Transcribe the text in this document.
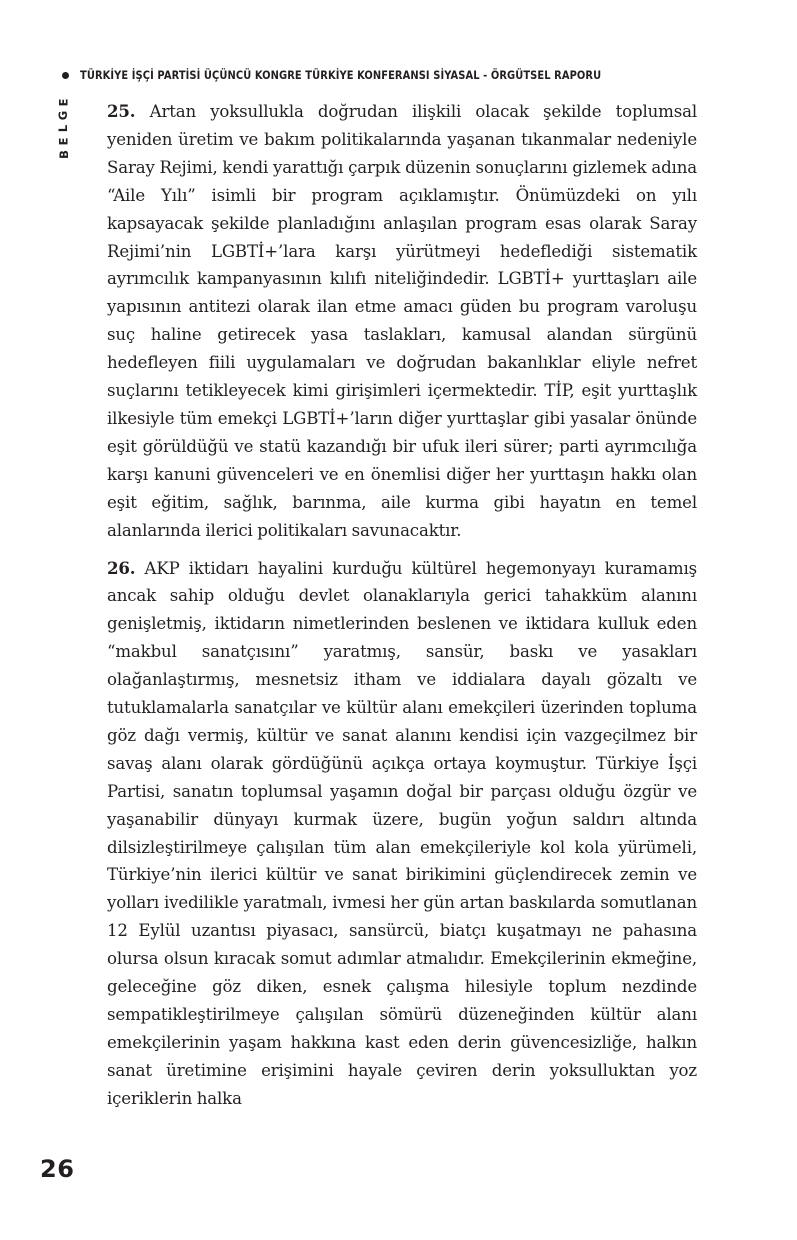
TÜRKİYE İŞÇİ PARTİSİ ÜÇÜNCÜ KONGRE TÜRKİYE KONFERANSI SİYASAL - ÖRGÜTSEL RAPORU
E
G
L
E
B

25. Artan yoksullukla doğrudan ilişkili olacak şekilde toplumsal yeniden üretim ve bakım politikalarında yaşanan tıkanmalar nedeniyle Saray Rejimi, kendi yarattığı çarpık düzenin sonuçlarını gizlemek adına “Aile Yılı” isimli bir program açıklamıştır. Önümüzdeki on yılı kapsayacak şekilde planladığını anlaşılan program esas olarak Saray Rejimi’nin LGBTİ+’lara karşı yürütmeyi hedeflediği sistematik ayrımcılık kampanyasının kılıfı niteliğindedir. LGBTİ+ yurttaşları aile yapısının antitezi olarak ilan etme amacı güden bu program varoluşu suç haline getirecek yasa taslakları, kamusal alandan sürgünü hedefleyen fiili uygulamaları ve doğrudan bakanlıklar eliyle nefret suçlarını tetikleyecek kimi girişimleri içermektedir. TİP, eşit yurttaşlık ilkesiyle tüm emekçi LGBTİ+’ların diğer yurttaşlar gibi yasalar önünde eşit görüldüğü ve statü kazandığı bir ufuk ileri sürer; parti ayrımcılığa karşı kanuni güvenceleri ve en önemlisi diğer her yurttaşın hakkı olan eşit eğitim, sağlık, barınma, aile kurma gibi hayatın en temel alanlarında ilerici politikaları savunacaktır.

26. AKP iktidarı hayalini kurduğu kültürel hegemonyayı kuramamış ancak sahip olduğu devlet olanaklarıyla gerici tahakküm alanını genişletmiş, iktidarın nimetlerinden beslenen ve iktidara kulluk eden “makbul sanatçısını” yaratmış, sansür, baskı ve yasakları olağanlaştırmış, mesnetsiz itham ve iddialara dayalı gözaltı ve tutuklamalarla sanatçılar ve kültür alanı emekçileri üzerinden topluma göz dağı vermiş, kültür ve sanat alanını kendisi için vazgeçilmez bir savaş alanı olarak gördüğünü açıkça ortaya koymuştur. Türkiye İşçi Partisi, sanatın toplumsal yaşamın doğal bir parçası olduğu özgür ve yaşanabilir dünyayı kurmak üzere, bugün yoğun saldırı altında dilsizleştirilmeye çalışılan tüm alan emekçileriyle kol kola yürümeli, Türkiye’nin ilerici kültür ve sanat birikimini güçlendirecek zemin ve yolları ivedilikle yaratmalı, ivmesi her gün artan baskılarda somutlanan 12 Eylül uzantısı piyasacı, sansürcü, biatçı kuşatmayı ne pahasına olursa olsun kıracak somut adımlar atmalıdır. Emekçilerinin ekmeğine, geleceğine göz diken, esnek çalışma hilesiyle toplum nezdinde sempatikleştirilmeye çalışılan sömürü düzeneğinden kültür alanı emekçilerinin yaşam hakkına kast eden derin güvencesizliğe, halkın sanat üretimine erişimini hayale çeviren derin yoksulluktan yoz içeriklerin halka

26
